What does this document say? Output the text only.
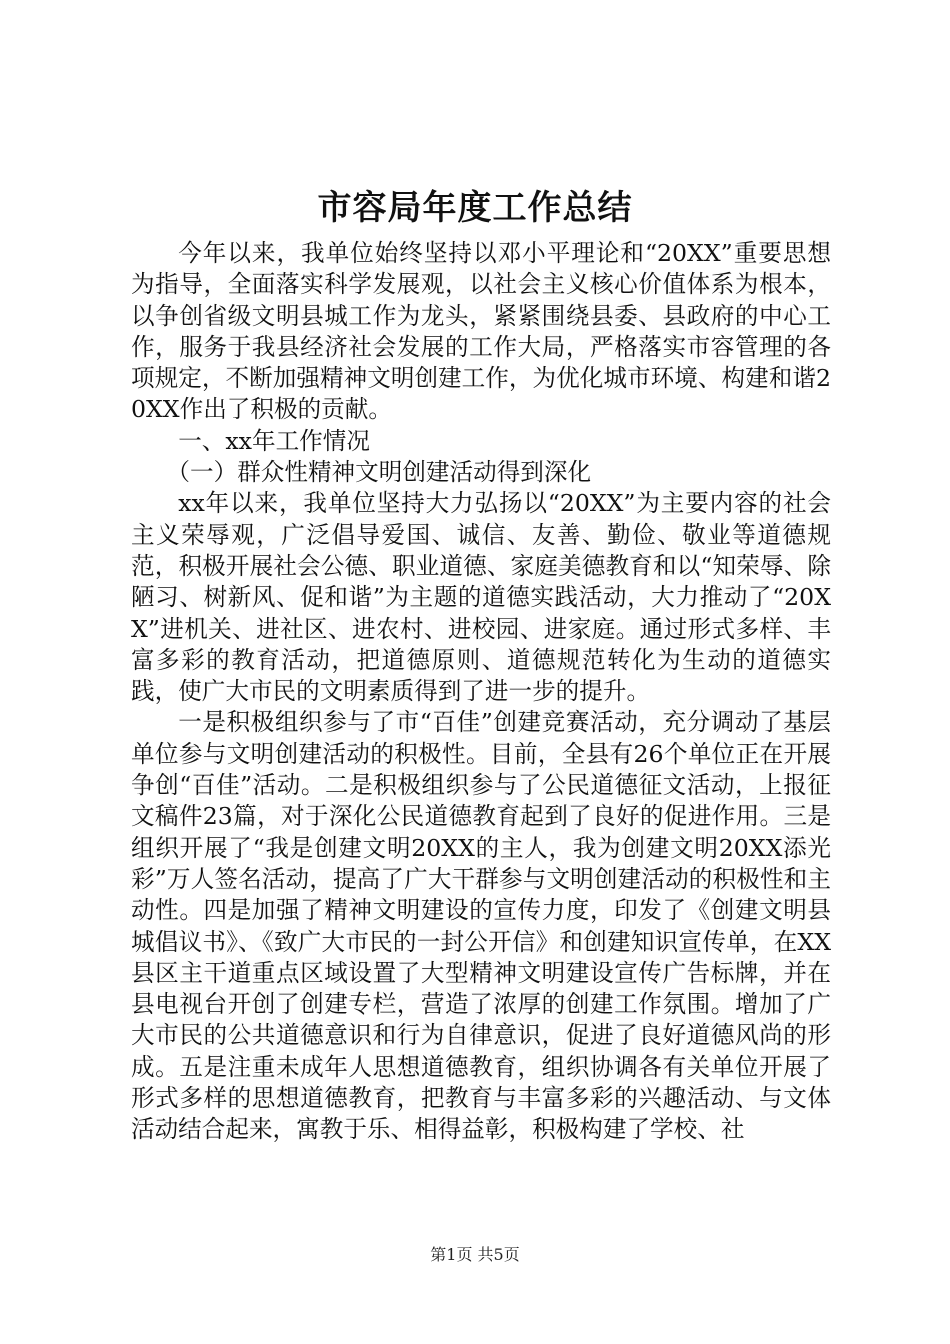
市容局年度工作总结

今年以来，我单位始终坚持以邓小平理论和“20XX”重要思想为指导，全面落实科学发展观，以社会主义核心价值体系为根本，以争创省级文明县城工作为龙头，紧紧围绕县委、县政府的中心工作，服务于我县经济社会发展的工作大局，严格落实市容管理的各项规定，不断加强精神文明创建工作，为优化城市环境、构建和谐20XX作出了积极的贡献。

一、xx年工作情况

（一）群众性精神文明创建活动得到深化

xx年以来，我单位坚持大力弘扬以“20XX”为主要内容的社会主义荣辱观，广泛倡导爱国、诚信、友善、勤俭、敬业等道德规范，积极开展社会公德、职业道德、家庭美德教育和以“知荣辱、除陋习、树新风、促和谐”为主题的道德实践活动，大力推动了“20XX”进机关、进社区、进农村、进校园、进家庭。通过形式多样、丰富多彩的教育活动，把道德原则、道德规范转化为生动的道德实践，使广大市民的文明素质得到了进一步的提升。

一是积极组织参与了市“百佳”创建竞赛活动，充分调动了基层单位参与文明创建活动的积极性。目前，全县有26个单位正在开展争创“百佳”活动。二是积极组织参与了公民道德征文活动，上报征文稿件23篇，对于深化公民道德教育起到了良好的促进作用。三是组织开展了“我是创建文明20XX的主人，我为创建文明20XX添光彩”万人签名活动，提高了广大干群参与文明创建活动的积极性和主动性。四是加强了精神文明建设的宣传力度，印发了《创建文明县城倡议书》、《致广大市民的一封公开信》和创建知识宣传单，在XX县区主干道重点区域设置了大型精神文明建设宣传广告标牌，并在县电视台开创了创建专栏，营造了浓厚的创建工作氛围。增加了广大市民的公共道德意识和行为自律意识，促进了良好道德风尚的形成。五是注重未成年人思想道德教育，组织协调各有关单位开展了形式多样的思想道德教育，把教育与丰富多彩的兴趣活动、与文体活动结合起来，寓教于乐、相得益彰，积极构建了学校、社

第1页 共5页
